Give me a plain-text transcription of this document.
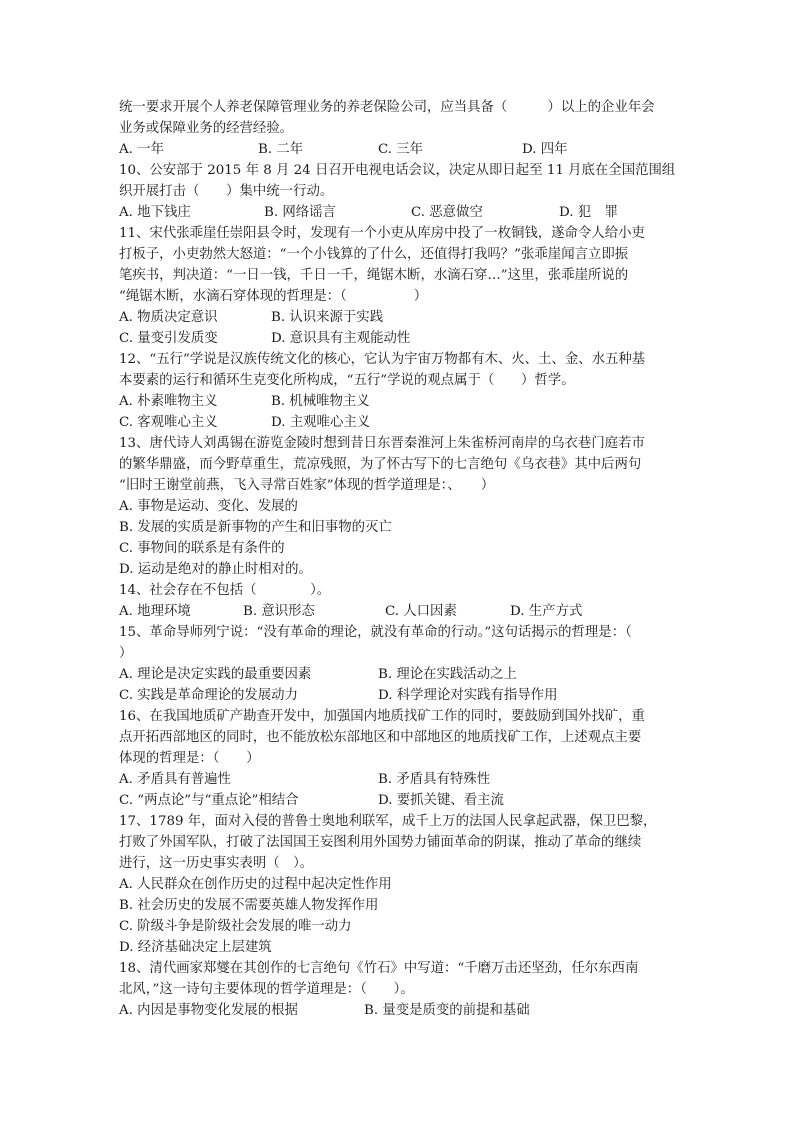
统一要求开展个人养老保障管理业务的养老保险公司，应当具备（　　　）以上的企业年会
业务或保障业务的经营经验。
A. 一年	B. 二年	C. 三年	D. 四年
10、公安部于 2015 年 8 月 24 日召开电视电话会议，决定从即日起至 11 月底在全国范围组
织开展打击（　　）集中统一行动。
A. 地下钱庄	B. 网络谣言	C. 恶意做空	D. 犯　罪
11、宋代张乖崖任崇阳县令时，发现有一个小吏从库房中投了一枚铜钱，遂命令人给小吏
打板子，小吏勃然大怒道：“一个小钱算的了什么，还值得打我吗？”张乖崖闻言立即振
笔疾书，判决道：“一日一钱，千日一千，绳锯木断，水滴石穿…”这里，张乖崖所说的
“绳锯木断，水滴石穿体现的哲理是：（　　　　　）
A. 物质决定意识	B. 认识来源于实践
C. 量变引发质变	D. 意识具有主观能动性
12、“五行”学说是汉族传统文化的核心，它认为宇宙万物都有木、火、土、金、水五种基
本要素的运行和循环生克变化所构成，“五行”学说的观点属于（　　）哲学。
A. 朴素唯物主义	B. 机械唯物主义
C. 客观唯心主义	D. 主观唯心主义
13、唐代诗人刘禹锡在游览金陵时想到昔日东晋秦淮河上朱雀桥河南岸的乌衣巷门庭若市
的繁华鼎盛，而今野草重生，荒凉残照，为了怀古写下的七言绝句《乌衣巷》其中后两句
“旧时王谢堂前燕，飞入寻常百姓家”体现的哲学道理是：、　　）
A. 事物是运动、变化、发展的
B. 发展的实质是新事物的产生和旧事物的灭亡
C. 事物间的联系是有条件的
D. 运动是绝对的静止时相对的。
14、社会存在不包括（　　　　）。
A. 地理环境	B. 意识形态	C. 人口因素	D. 生产方式
15、革命导师列宁说：“没有革命的理论，就没有革命的行动。”这句话揭示的哲理是：（
）
A. 理论是决定实践的最重要因素	B. 理论在实践活动之上
C. 实践是革命理论的发展动力	D. 科学理论对实践有指导作用
16、在我国地质矿产勘查开发中，加强国内地质找矿工作的同时，要鼓励到国外找矿，重
点开拓西部地区的同时，也不能放松东部地区和中部地区的地质找矿工作，上述观点主要
体现的哲理是：（　　）
A. 矛盾具有普遍性	B. 矛盾具有特殊性
C. “两点论”与“重点论”相结合	D. 要抓关键、看主流
17、1789 年，面对入侵的普鲁士奥地利联军，成千上万的法国人民拿起武器，保卫巴黎，
打败了外国军队，打破了法国国王妄图利用外国势力铺面革命的阴谋，推动了革命的继续
进行，这一历史事实表明（　）。
A. 人民群众在创作历史的过程中起决定性作用
B. 社会历史的发展不需要英雄人物发挥作用
C. 阶级斗争是阶级社会发展的唯一动力
D. 经济基础决定上层建筑
18、清代画家郑燮在其创作的七言绝句《竹石》中写道：“千磨万击还坚劲，任尔东西南
北风，”这一诗句主要体现的哲学道理是：（　　）。
A. 内因是事物变化发展的根据	B. 量变是质变的前提和基础
